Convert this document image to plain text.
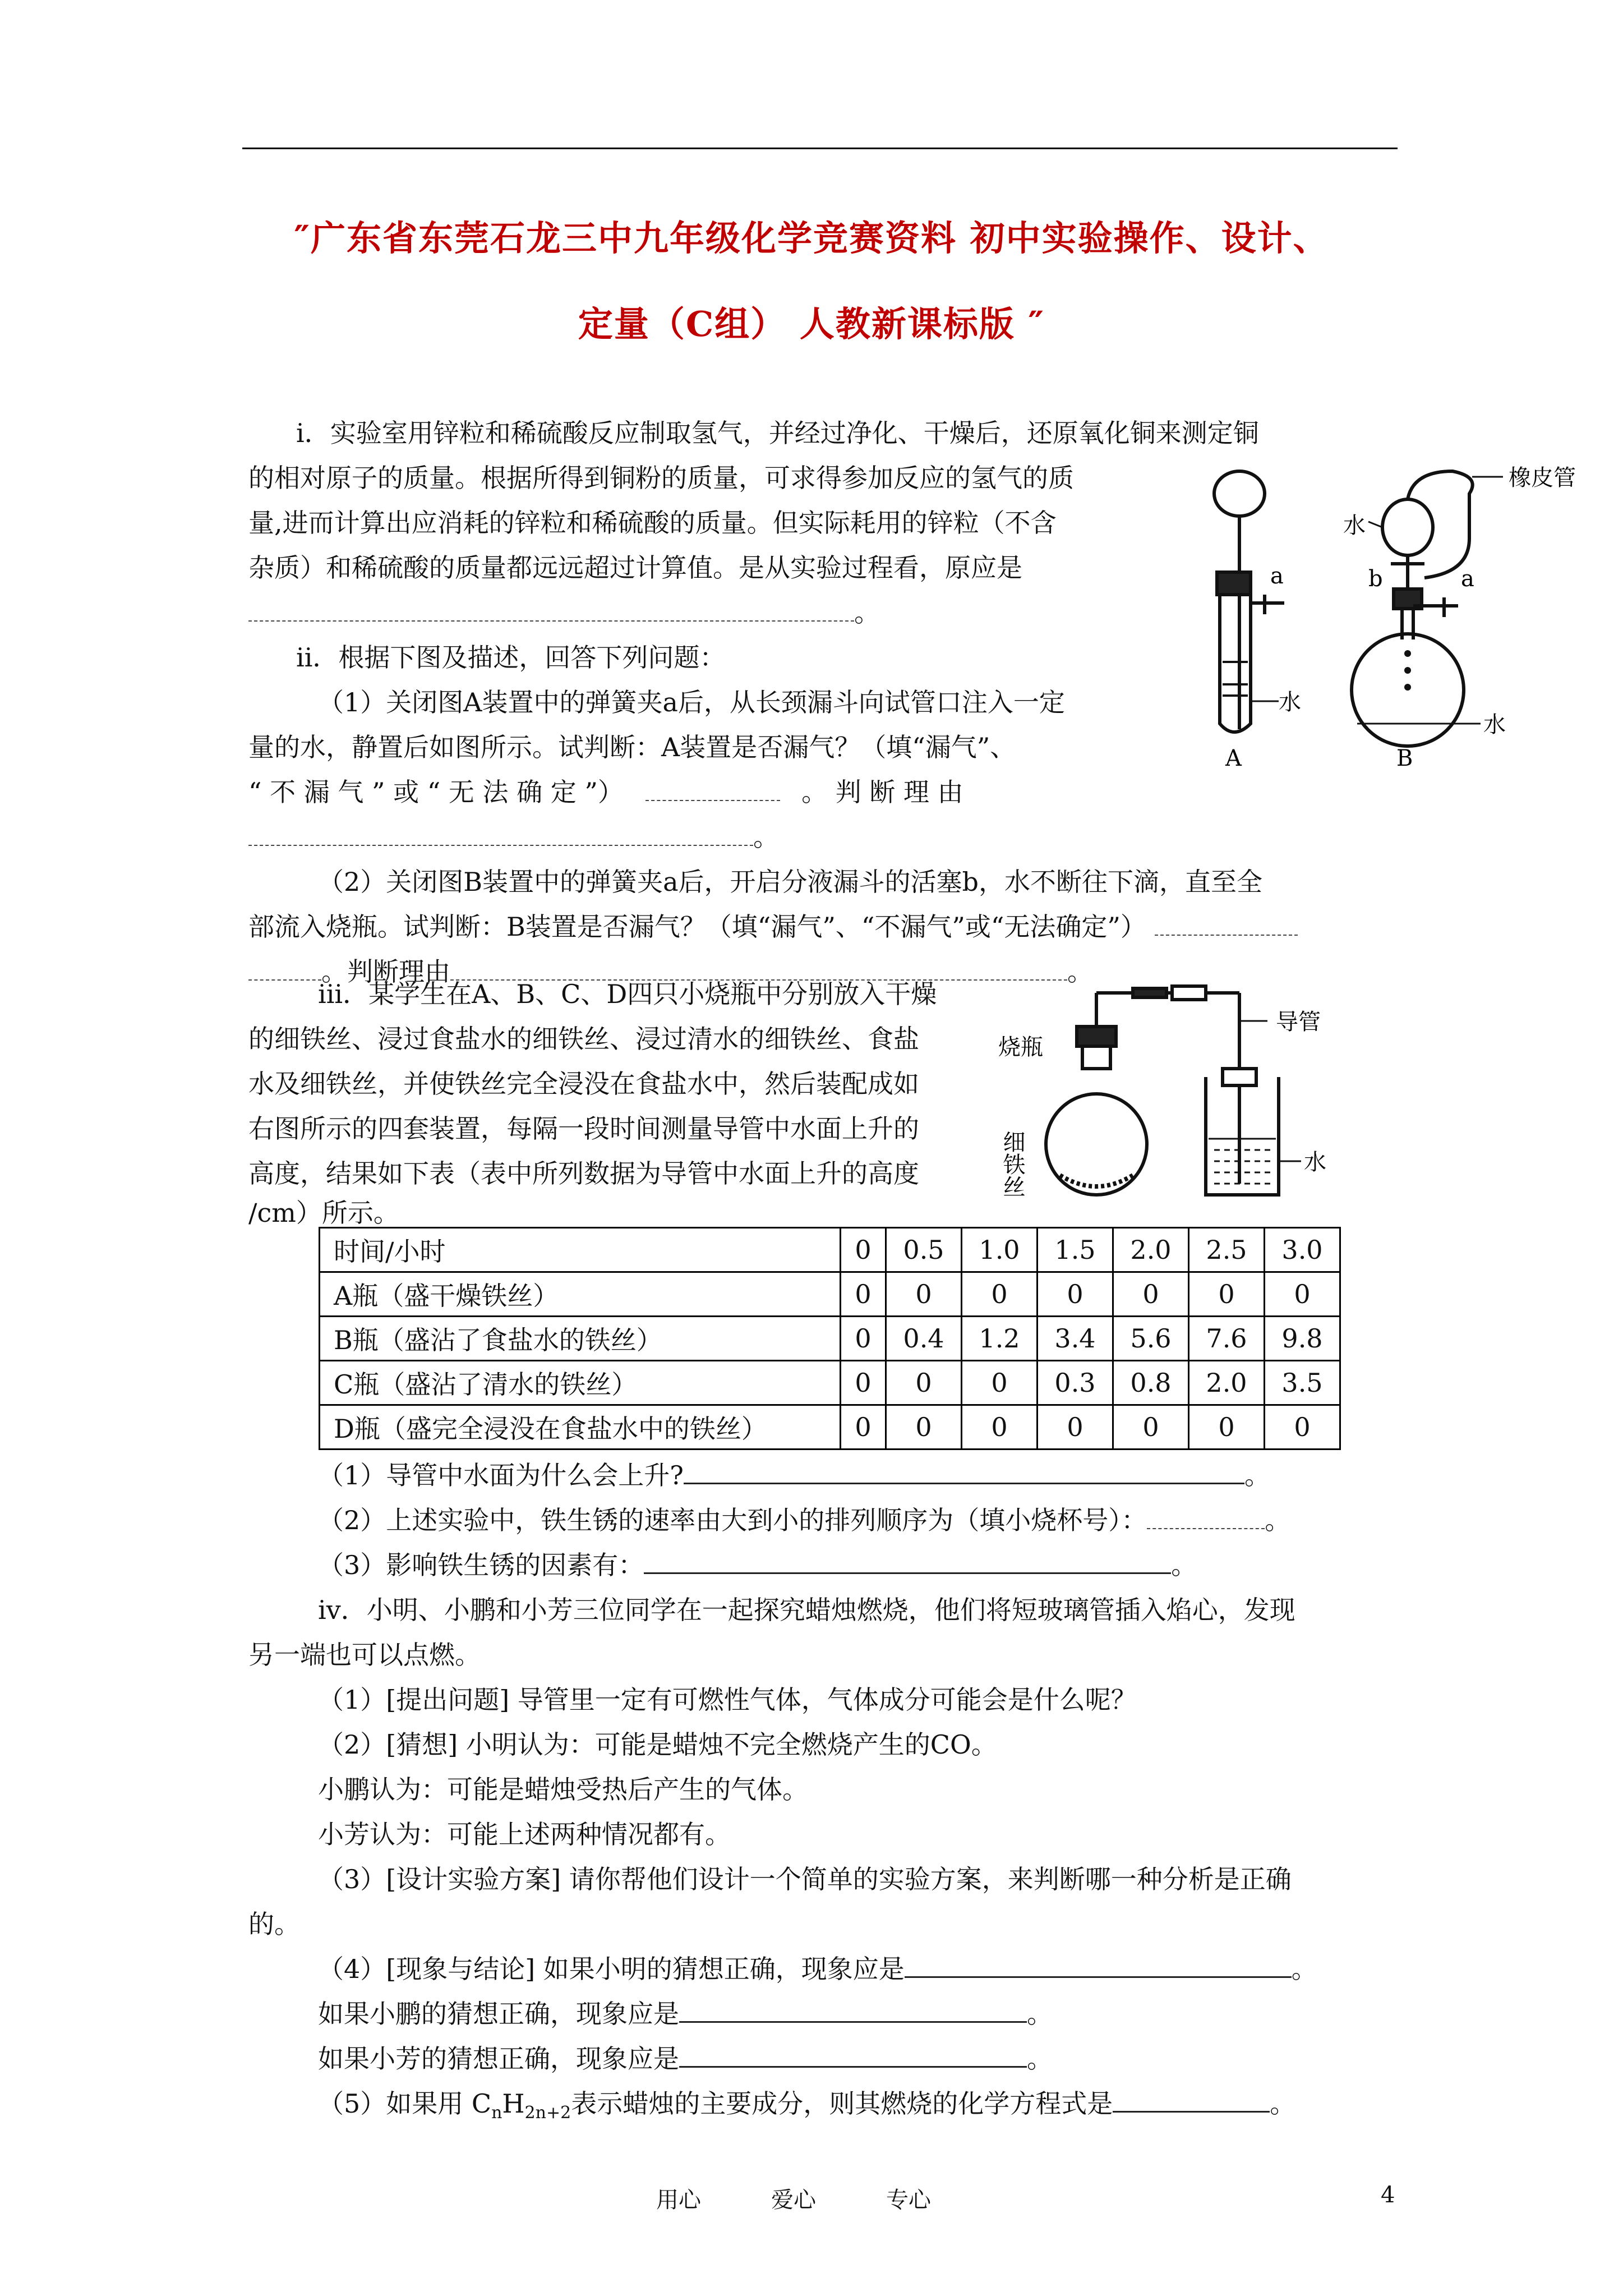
″广东省东莞石龙三中九年级化学竞赛资料 初中实验操作、设计、
定量（C组） 人教新课标版 ″
i．实验室用锌粒和稀硫酸反应制取氢气，并经过净化、干燥后，还原氧化铜来测定铜
的相对原子的质量。根据所得到铜粉的质量，可求得参加反应的氢气的质
量,进而计算出应消耗的锌粒和稀硫酸的质量。但实际耗用的锌粒（不含
杂质）和稀硫酸的质量都远远超过计算值。是从实验过程看，原应是
。
ii．根据下图及描述，回答下列问题：
（1）关闭图A装置中的弹簧夹a后，从长颈漏斗向试管口注入一定
量的水，静置后如图所示。试判断：A装置是否漏气？（填“漏气”、
“ 不 漏 气 ” 或 “ 无 法 确 定 ”）	。 判 断 理 由
。
（2）关闭图B装置中的弹簧夹a后，开启分液漏斗的活塞b，水不断往下滴，直至全
部流入烧瓶。试判断：B装置是否漏气？（填“漏气”、“不漏气”或“无法确定”）
。判断理由	。
a
水
A
橡皮管
水
b	a
水
B
iii．某学生在A、B、C、D四只小烧瓶中分别放入干燥
的细铁丝、浸过食盐水的细铁丝、浸过清水的细铁丝、食盐
水及细铁丝，并使铁丝完全浸没在食盐水中，然后装配成如
右图所示的四套装置，每隔一段时间测量导管中水面上升的
高度，结果如下表（表中所列数据为导管中水面上升的高度
/cm）所示。
烧瓶
导管
水
细铁丝
时间/小时	0	0.5	1.0	1.5	2.0	2.5	3.0
A瓶（盛干燥铁丝）	0	0	0	0	0	0	0
B瓶（盛沾了食盐水的铁丝）	0	0.4	1.2	3.4	5.6	7.6	9.8
C瓶（盛沾了清水的铁丝）	0	0	0	0.3	0.8	2.0	3.5
D瓶（盛完全浸没在食盐水中的铁丝）	0	0	0	0	0	0	0
（1）导管中水面为什么会上升?	。
（2）上述实验中，铁生锈的速率由大到小的排列顺序为（填小烧杯号）：	。
（3）影响铁生锈的因素有：	。
iv．小明、小鹏和小芳三位同学在一起探究蜡烛燃烧，他们将短玻璃管插入焰心，发现
另一端也可以点燃。
（1）[提出问题] 导管里一定有可燃性气体，气体成分可能会是什么呢？
（2）[猜想] 小明认为：可能是蜡烛不完全燃烧产生的CO。
小鹏认为：可能是蜡烛受热后产生的气体。
小芳认为：可能上述两种情况都有。
（3）[设计实验方案] 请你帮他们设计一个简单的实验方案，来判断哪一种分析是正确
的。
（4）[现象与结论] 如果小明的猜想正确，现象应是	。
如果小鹏的猜想正确，现象应是	。
如果小芳的猜想正确，现象应是	。
（5）如果用 $C_nH_{2n+2}$表示蜡烛的主要成分，则其燃烧的化学方程式是	。
用心	爱心	专心	4
